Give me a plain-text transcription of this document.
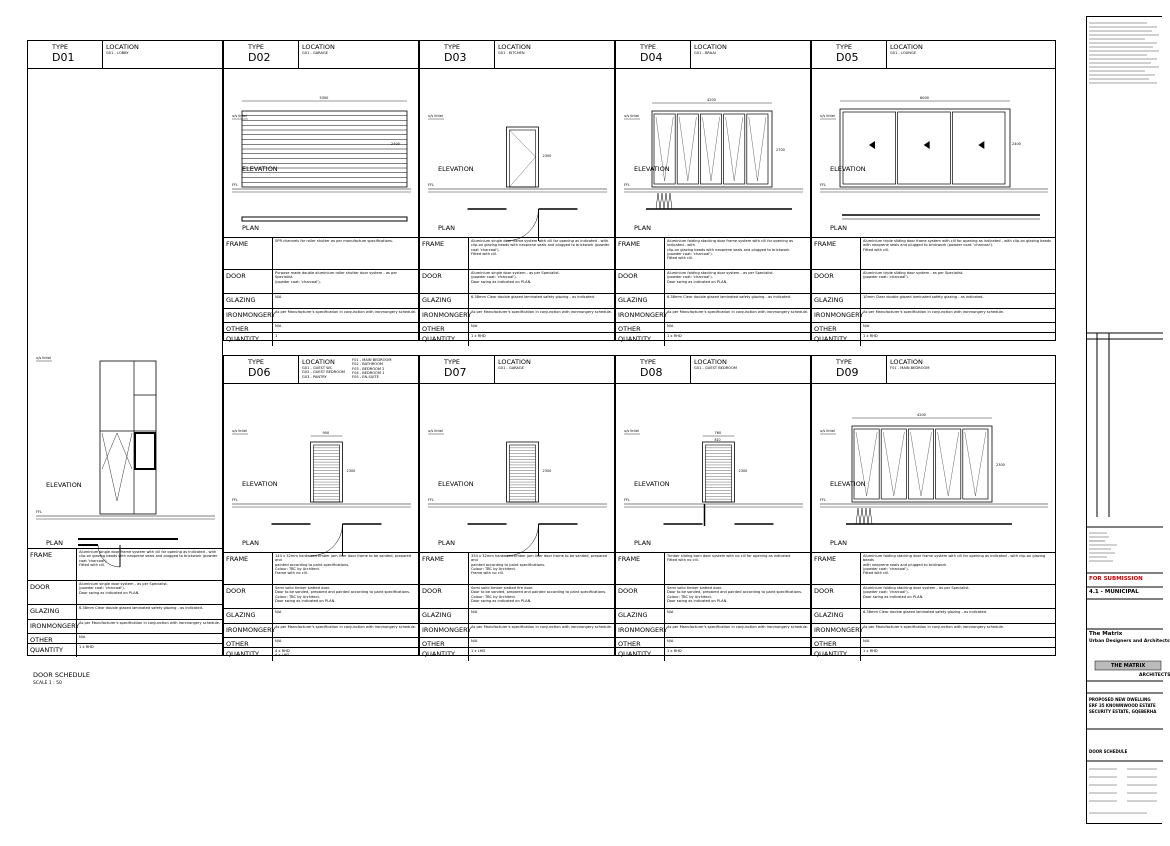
TYPE
D01
LOCATION
G01 - LOBBY
u/s lintel
FFL
ELEVATION
PLAN
FRAME	Aluminium single door frame system with cill for opening as indicated - with
clip-on glazing beads with neoprene seals and plugged to brickwork (powder
coat 'charcoal').
Fitted with cill.
DOOR	Aluminium single door system - as per Specialist.
(powder coat: 'charcoal').
Door swing as indicated on PLAN.
GLAZING	6.38mm Clear double glazed laminated safety glazing - as indicated.
IRONMONGERY As per Manufacturer's specification in conjunction with ironmongery schedule.
OTHER	N/A
QUANTITY	1 x RHD
TYPE
D02
LOCATION
G01 - GARAGE
u/s lintel
FFL
5300
2400
ELEVATION
PLAN
FRAME	SPR channels for roller shutter as per manufacture specifications.
DOOR	Purpose made double aluminium roller shutter door system - as per Specialist.
(powder coat: 'charcoal').
GLAZING	N/A
IRONMONGERY As per Manufacturer's specification in conjunction with ironmongery schedule.
OTHER	N/A
QUANTITY	1
TYPE
D03
LOCATION
G01 - KITCHEN
u/s lintel
FFL
2300
ELEVATION
PLAN
FRAME	Aluminium single door frame system with cill for opening as indicated - with
clip-on glazing beads with neoprene seals and plugged to brickwork (powder
coat 'charcoal').
Fitted with cill.
DOOR	Aluminium single door system - as per Specialist.
(powder coat: 'charcoal').
Door swing as indicated on PLAN.
GLAZING	6.38mm Clear double glazed laminated safety glazing - as indicated.
IRONMONGERY As per Manufacturer's specification in conjunction with ironmongery schedule.
OTHER	N/A
QUANTITY	1 x RHD
TYPE
D04
LOCATION
G01 - BRAAI
u/s lintel
FFL
4200
2700
ELEVATION
PLAN
FRAME	Aluminium folding stacking door frame system with cill for opening as indicated - with
clip-on glazing beads with neoprene seals and plugged to brickwork
(powder coat: 'charcoal').
Fitted with cill.
DOOR	Aluminium folding stacking door system - as per Specialist.
(powder coat: 'charcoal').
Door swing as indicated on PLAN.
GLAZING	6.38mm Clear double glazed laminated safety glazing - as indicated.
IRONMONGERY As per Manufacturer's specification in conjunction with ironmongery schedule.
OTHER	N/A
QUANTITY	1 x RHD
TYPE
D05
LOCATION
G01 - LOUNGE
u/s lintel
FFL
6000
2400
ELEVATION
PLAN
FRAME	Aluminium triple sliding door frame system with cill for opening as indicated - with clip-on glazing beads
with neoprene seals and plugged to brickwork (powder coat: 'charcoal').
Fitted with cill.
DOOR	Aluminium triple sliding door system - as per Specialist.
(powder coat: 'charcoal').
GLAZING	10mm Clear double glazed laminated safety glazing - as indicated.
IRONMONGERY As per Manufacturer's specification in conjunction with ironmongery schedule.
OTHER	N/A
QUANTITY	1 x RHD
TYPE
D06
LOCATION
G01 - GUEST WC
G02 - GUEST BEDROOM
G03 - PANTRY
F01 - MAIN BEDROOM
F02 - BATHROOM
F03 - BEDROOM 2
F04 - BEDROOM 1
F05 - EN-SUITE
u/s lintel
FFL
2300
900
ELEVATION
PLAN
FRAME	144 x 32mm hardwood timber jam liner door frame to be sanded, prepared and
painted according to paint specifications.
Colour: TBC by Architect.
Frame with no cill.
DOOR	Semi solid timber slatted door.
Door to be sanded, prepared and painted according to paint specifications.
Colour: TBC by Architect.
Door swing as indicated on PLAN.
GLAZING	N/A
IRONMONGERY As per Manufacturer's specification in conjunction with ironmongery schedule.
OTHER	N/A
QUANTITY	4 x RHD
4 x LHD
TYPE
D07
LOCATION
G01 - GARAGE
u/s lintel
FFL
2300
ELEVATION
PLAN
FRAME	334 x 32mm hardwood timber jam liner door frame to be sanded, prepared and
painted according to paint specifications.
Colour: TBC by Architect.
Frame with no cill.
DOOR	Semi solid timber slatted fire door.
Door to be sanded, prepared and painted according to paint specifications.
Colour: TBC by Architect.
Door swing as indicated on PLAN.
GLAZING	N/A
IRONMONGERY As per Manufacturer's specification in conjunction with ironmongery schedule.
OTHER	N/A
QUANTITY	1 x LHD
TYPE
D08
LOCATION
G01 - GUEST BEDROOM
u/s lintel
FFL
2300
760
810
ELEVATION
PLAN
FRAME	Timber sliding barn door system with no cill for opening as indicated
Fitted with no cill.
DOOR	Semi solid timber slatted door.
Door to be sanded, prepared and painted according to paint specifications.
Colour: TBC by Architect.
Door swing as indicated on PLAN.
GLAZING	N/A
IRONMONGERY As per Manufacturer's specification in conjunction with ironmongery schedule.
OTHER	N/A
QUANTITY	1 x RHD
TYPE
D09
LOCATION
F01 - MAIN BEDROOM
u/s lintel
FFL
4200
2300
ELEVATION
PLAN
FRAME	Aluminium folding stacking door frame system with cill for opening as indicated - with clip-on glazing beads
with neoprene seals and plugged to brickwork
(powder coat: 'charcoal').
Fitted with cill.
DOOR	Aluminium folding stacking door system - as per Specialist.
(powder coat: 'charcoal').
Door swing as indicated on PLAN.
GLAZING	6.38mm Clear double glazed laminated safety glazing - as indicated.
IRONMONGERY As per Manufacturer's specification in conjunction with ironmongery schedule.
OTHER	N/A
QUANTITY	1 x RHD
DOOR SCHEDULE
SCALE 1 : 50
FOR SUBMISSION
4.1 - MUNICIPAL
The Matrix
Urban Designers and Architects
THE MATRIX
ARCHITECTS
PROPOSED NEW DWELLING
ERF 35 KNOWNWOOD ESTATE
SECURITY ESTATE, GQEBERHA
DOOR SCHEDULE
